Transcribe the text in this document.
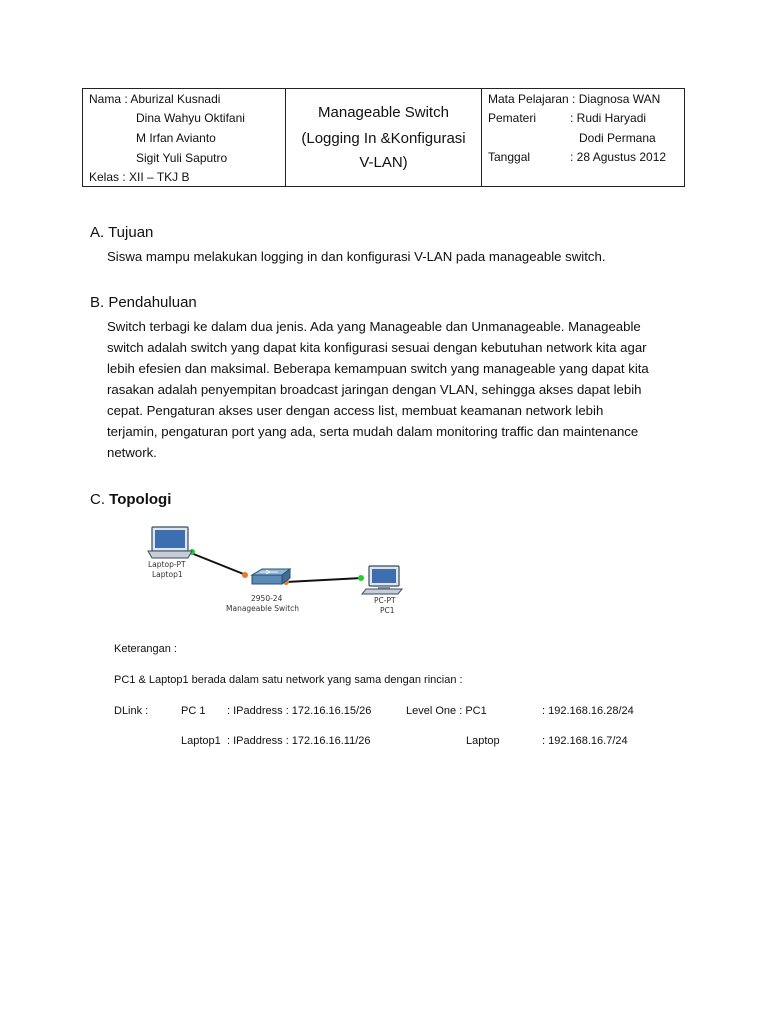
Nama : Aburizal Kusnadi
Dina Wahyu Oktifani
M Irfan Avianto
Sigit Yuli Saputro
Kelas : XII – TKJ B
Manageable Switch
(Logging In &Konfigurasi
V-LAN)
Mata Pelajaran : Diagnosa WAN
Pemateri	: Rudi Haryadi
Dodi Permana
Tanggal	: 28 Agustus 2012
A. Tujuan
Siswa mampu melakukan logging in dan konfigurasi V-LAN pada manageable switch.
B. Pendahuluan
Switch terbagi ke dalam dua jenis. Ada yang Manageable dan Unmanageable. Manageable
switch adalah switch yang dapat kita konfigurasi sesuai dengan kebutuhan network kita agar
lebih efesien dan maksimal. Beberapa kemampuan switch yang manageable yang dapat kita
rasakan adalah penyempitan broadcast jaringan dengan VLAN, sehingga akses dapat lebih
cepat. Pengaturan akses user dengan access list, membuat keamanan network lebih
terjamin, pengaturan port yang ada, serta mudah dalam monitoring traffic dan maintenance
network.
C. Topologi
Laptop-PT
Laptop1
2950-24
Manageable Switch
PC-PT
PC1
Keterangan :
PC1 & Laptop1 berada dalam satu network yang sama dengan rincian :
DLink :	PC 1 : IPaddress : 172.16.16.15/26	Level One : PC1	: 192.168.16.28/24
Laptop1 : IPaddress : 172.16.16.11/26	Laptop	: 192.168.16.7/24
